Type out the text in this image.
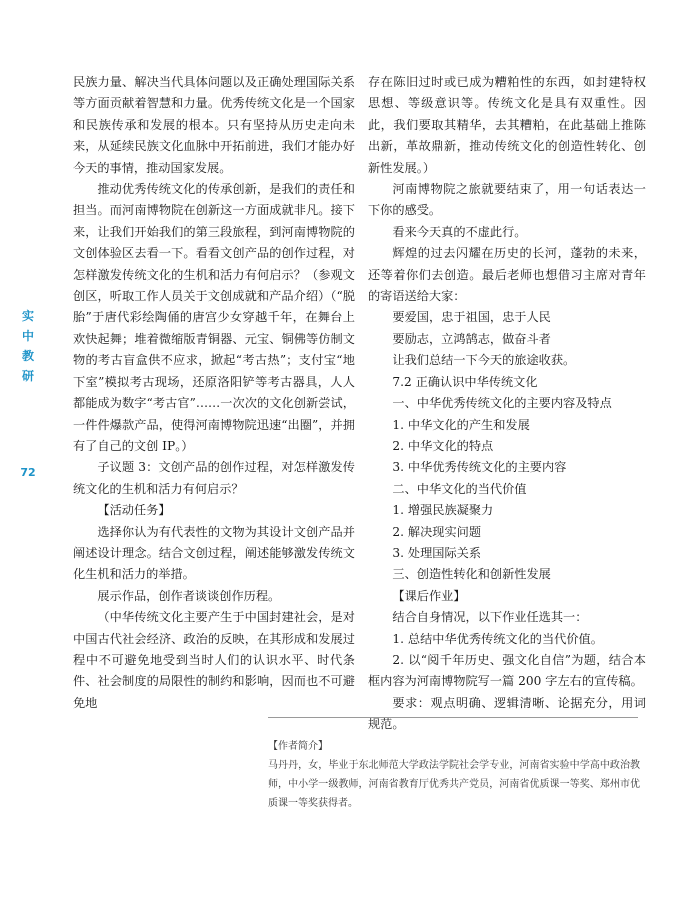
实
中
教
研
72

民族力量、解决当代具体问题以及正确处理国际关系等方面贡献着智慧和力量。优秀传统文化是一个国家和民族传承和发展的根本。只有坚持从历史走向未来，从延续民族文化血脉中开拓前进，我们才能办好今天的事情，推动国家发展。

推动优秀传统文化的传承创新，是我们的责任和担当。而河南博物院在创新这一方面成就非凡。接下来，让我们开始我们的第三段旅程，到河南博物院的文创体验区去看一下。看看文创产品的创作过程，对怎样激发传统文化的生机和活力有何启示？（参观文创区，听取工作人员关于文创成就和产品介绍）（“脱胎”于唐代彩绘陶俑的唐宫少女穿越千年，在舞台上欢快起舞；堆着微缩版青铜器、元宝、铜佛等仿制文物的考古盲盒供不应求，掀起“考古热”；支付宝“地下室”模拟考古现场，还原洛阳铲等考古器具，人人都能成为数字“考古官”……一次次的文化创新尝试，一件件爆款产品，使得河南博物院迅速“出圈”，并拥有了自己的文创 IP。）

子议题 3：文创产品的创作过程，对怎样激发传统文化的生机和活力有何启示？

【活动任务】

选择你认为有代表性的文物为其设计文创产品并阐述设计理念。结合文创过程，阐述能够激发传统文化生机和活力的举措。

展示作品，创作者谈谈创作历程。

（中华传统文化主要产生于中国封建社会，是对中国古代社会经济、政治的反映，在其形成和发展过程中不可避免地受到当时人们的认识水平、时代条件、社会制度的局限性的制约和影响，因而也不可避免地

存在陈旧过时或已成为糟粕性的东西，如封建特权思想、等级意识等。传统文化是具有双重性。因此，我们要取其精华，去其糟粕，在此基础上推陈出新，革故鼎新，推动传统文化的创造性转化、创新性发展。）

河南博物院之旅就要结束了，用一句话表达一下你的感受。

看来今天真的不虚此行。

辉煌的过去闪耀在历史的长河，蓬勃的未来，还等着你们去创造。最后老师也想借习主席对青年的寄语送给大家：

要爱国，忠于祖国，忠于人民

要励志，立鸿鹄志，做奋斗者

让我们总结一下今天的旅途收获。

7.2 正确认识中华传统文化

一、中华优秀传统文化的主要内容及特点

1. 中华文化的产生和发展

2. 中华文化的特点

3. 中华优秀传统文化的主要内容

二、中华文化的当代价值

1. 增强民族凝聚力

2. 解决现实问题

3. 处理国际关系

三、创造性转化和创新性发展

【课后作业】

结合自身情况，以下作业任选其一：

1. 总结中华优秀传统文化的当代价值。

2. 以“阅千年历史、强文化自信”为题，结合本框内容为河南博物院写一篇 200 字左右的宣传稿。

要求：观点明确、逻辑清晰、论据充分，用词规范。

【作者简介】

马丹丹，女，毕业于东北师范大学政法学院社会学专业，河南省实验中学高中政治教师，中小学一级教师，河南省教育厅优秀共产党员，河南省优质课一等奖、郑州市优质课一等奖获得者。
